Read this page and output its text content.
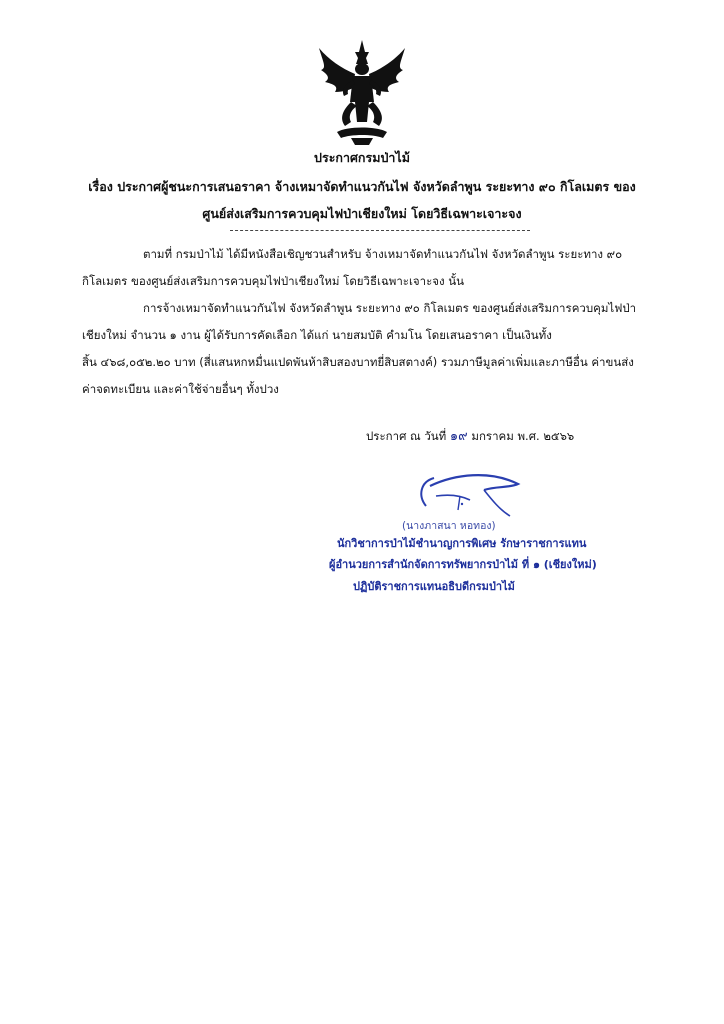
ประกาศกรมป่าไม้
เรื่อง ประกาศผู้ชนะการเสนอราคา จ้างเหมาจัดทำแนวกันไฟ จังหวัดลำพูน ระยะทาง ๙๐ กิโลเมตร ของ
ศูนย์ส่งเสริมการควบคุมไฟป่าเชียงใหม่ โดยวิธีเฉพาะเจาะจง
ตามที่ กรมป่าไม้ ได้มีหนังสือเชิญชวนสำหรับ จ้างเหมาจัดทำแนวกันไฟ จังหวัดลำพูน ระยะทาง ๙๐
กิโลเมตร ของศูนย์ส่งเสริมการควบคุมไฟป่าเชียงใหม่ โดยวิธีเฉพาะเจาะจง นั้น
การจ้างเหมาจัดทำแนวกันไฟ จังหวัดลำพูน ระยะทาง ๙๐ กิโลเมตร ของศูนย์ส่งเสริมการควบคุมไฟป่า
เชียงใหม่ จำนวน ๑ งาน ผู้ได้รับการคัดเลือก ได้แก่ นายสมบัติ คำมโน โดยเสนอราคา เป็นเงินทั้ง
สิ้น ๔๖๘,๐๕๒.๒๐ บาท (สี่แสนหกหมื่นแปดพันห้าสิบสองบาทยี่สิบสตางค์) รวมภาษีมูลค่าเพิ่มและภาษีอื่น ค่าขนส่ง
ค่าจดทะเบียน และค่าใช้จ่ายอื่นๆ ทั้งปวง
ประกาศ ณ วันที่ ๑๙ มกราคม พ.ศ. ๒๕๖๖
(นางภาสนา หอทอง)
นักวิชาการป่าไม้ชำนาญการพิเศษ รักษาราชการแทน
ผู้อำนวยการสำนักจัดการทรัพยากรป่าไม้ ที่ ๑ (เชียงใหม่)
ปฏิบัติราชการแทนอธิบดีกรมป่าไม้
